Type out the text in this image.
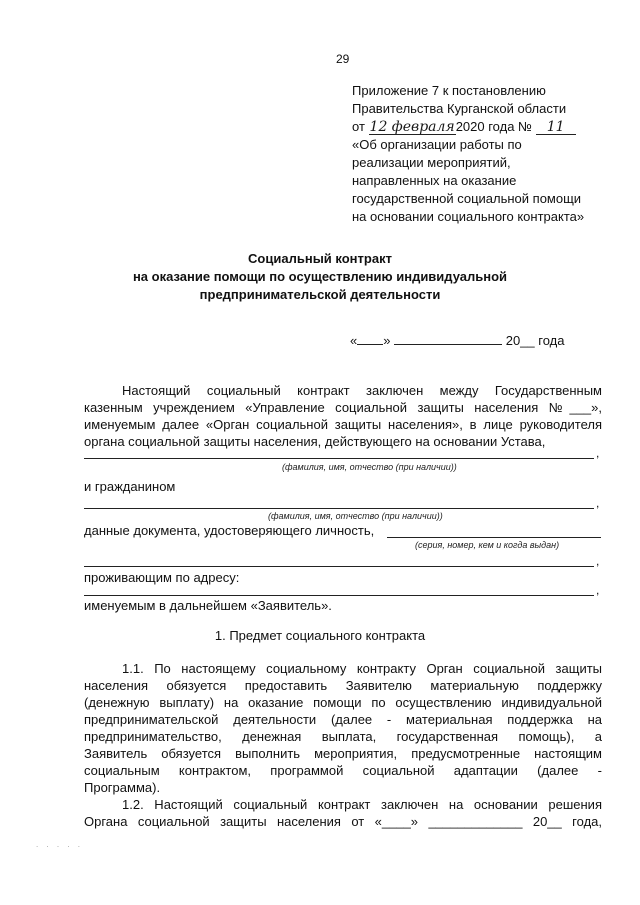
29
Приложение 7 к постановлению
Правительства Курганской области
от 12 февраля2020 года № 11
«Об организации работы по
реализации мероприятий,
направленных на оказание
государственной социальной помощи
на основании социального контракта»
Социальный контракт
на оказание помощи по осуществлению индивидуальной
предпринимательской деятельности
« »	20__ года
Настоящий социальный контракт заключен между Государственным
казенным учреждением «Управление социальной защиты населения №___»,
именуемым далее «Орган социальной защиты населения», в лице руководителя
органа социальной защиты населения, действующего на основании Устава,
,
(фамилия, имя, отчество (при наличии))
и гражданином
,
(фамилия, имя, отчество (при наличии))
данные документа, удостоверяющего личность,
(серия, номер, кем и когда выдан)
,
проживающим по адресу:
,
именуемым в дальнейшем «Заявитель».
1. Предмет социального контракта
1.1. По настоящему социальному контракту Орган социальной защиты
населения обязуется предоставить Заявителю материальную поддержку
(денежную выплату) на оказание помощи по осуществлению индивидуальной
предпринимательской деятельности (далее - материальная поддержка на
предпринимательство, денежная выплата, государственная помощь), а
Заявитель обязуется выполнить мероприятия, предусмотренные настоящим
социальным контрактом, программой социальной адаптации (далее -
Программа).
1.2. Настоящий социальный контракт заключен на основании решения
Органа социальной защиты населения от «____» _____________ 20__ года,
. . . . .
